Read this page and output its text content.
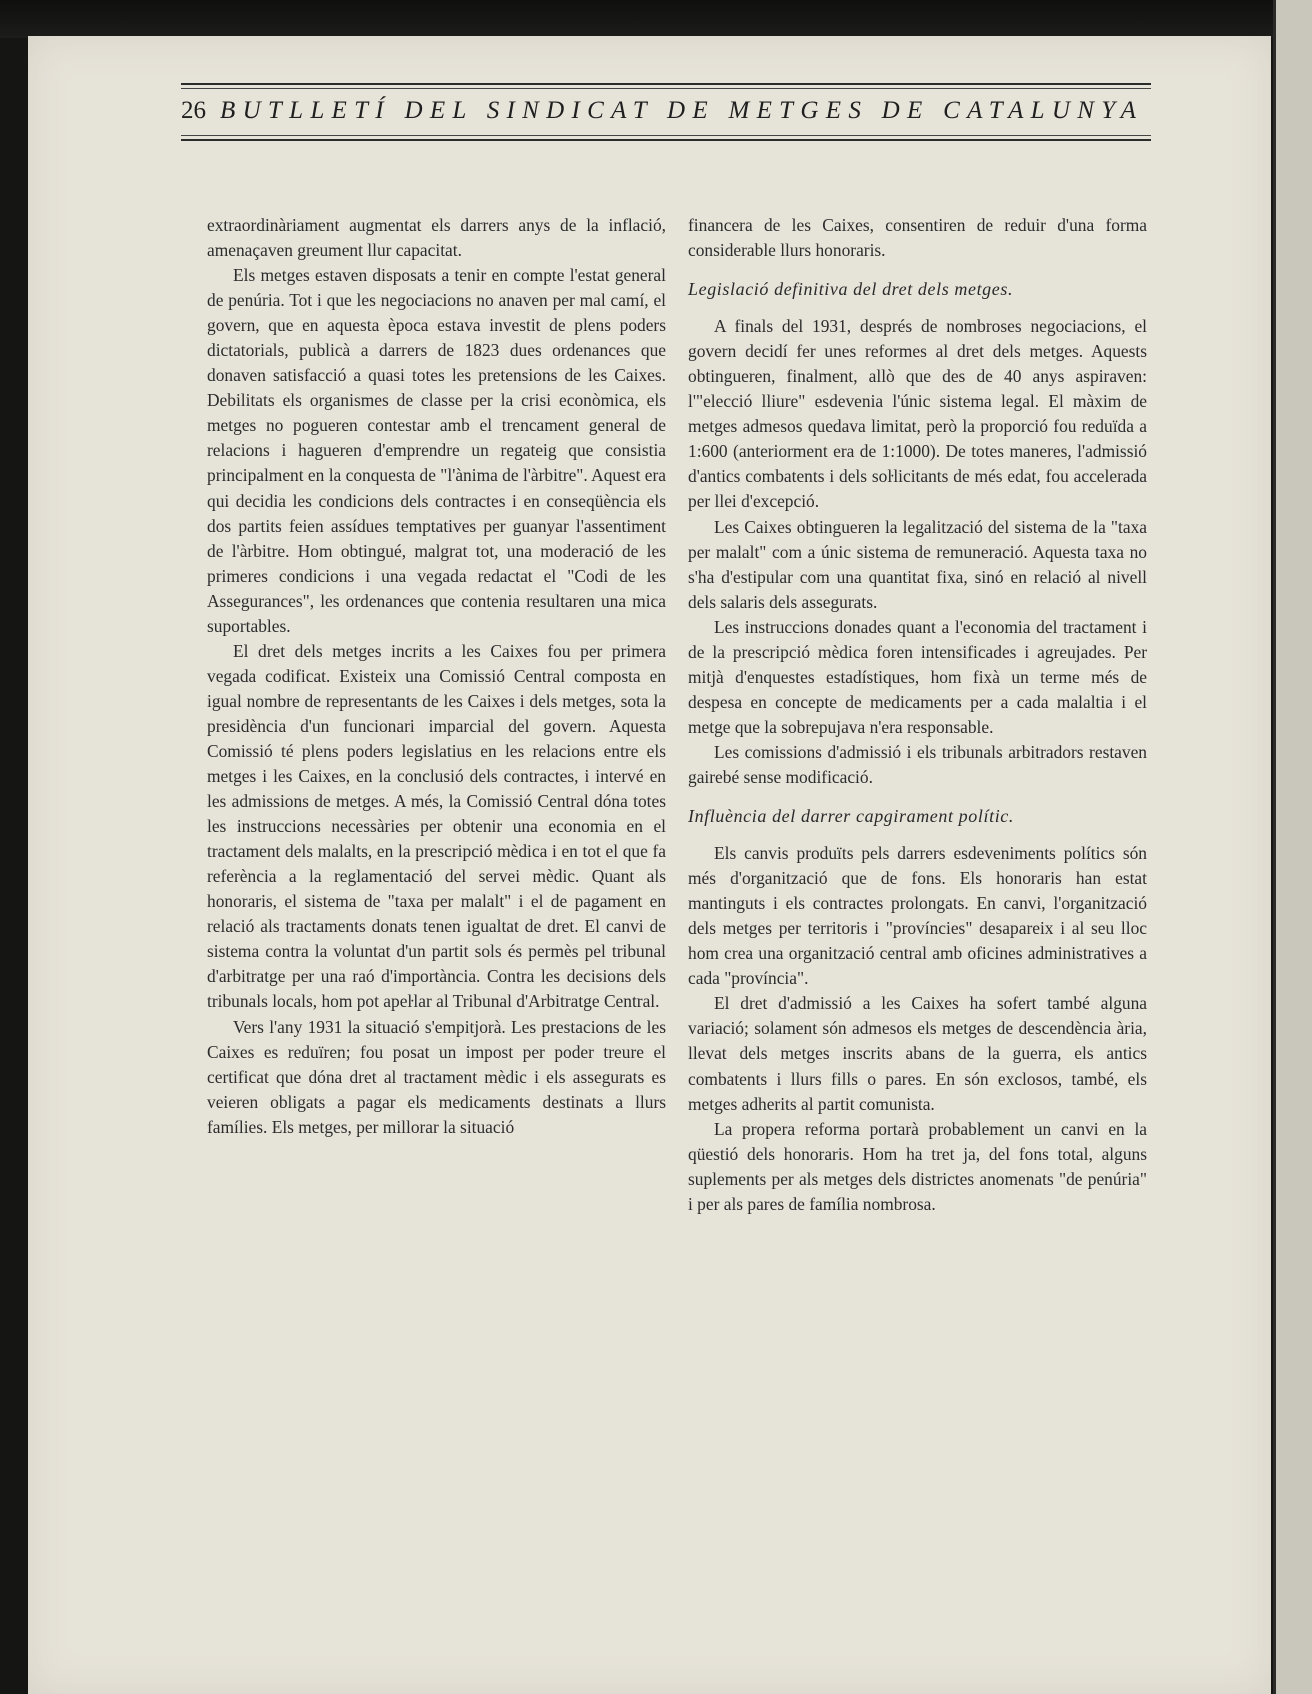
26 BUTLLETÍ DEL SINDICAT DE METGES DE CATALUNYA

extraordinàriament augmentat els darrers anys de la inflació, amenaçaven greument llur capacitat.

Els metges estaven disposats a tenir en compte l'estat general de penúria. Tot i que les negociacions no anaven per mal camí, el govern, que en aquesta època estava investit de plens poders dictatorials, publicà a darrers de 1823 dues ordenances que donaven satisfacció a quasi totes les pretensions de les Caixes. Debilitats els organismes de classe per la crisi econòmica, els metges no pogueren contestar amb el trencament general de relacions i hagueren d'emprendre un regateig que consistia principalment en la conquesta de "l'ànima de l'àrbitre". Aquest era qui decidia les condicions dels contractes i en conseqüència els dos partits feien assídues temptatives per guanyar l'assentiment de l'àrbitre. Hom obtingué, malgrat tot, una moderació de les primeres condicions i una vegada redactat el "Codi de les Assegurances", les ordenances que contenia resultaren una mica suportables.

El dret dels metges incrits a les Caixes fou per primera vegada codificat. Existeix una Comissió Central composta en igual nombre de representants de les Caixes i dels metges, sota la presidència d'un funcionari imparcial del govern. Aquesta Comissió té plens poders legislatius en les relacions entre els metges i les Caixes, en la conclusió dels contractes, i intervé en les admissions de metges. A més, la Comissió Central dóna totes les instruccions necessàries per obtenir una economia en el tractament dels malalts, en la prescripció mèdica i en tot el que fa referència a la reglamentació del servei mèdic. Quant als honoraris, el sistema de "taxa per malalt" i el de pagament en relació als tractaments donats tenen igualtat de dret. El canvi de sistema contra la voluntat d'un partit sols és permès pel tribunal d'arbitratge per una raó d'importància. Contra les decisions dels tribunals locals, hom pot apeŀlar al Tribunal d'Arbitratge Central.

Vers l'any 1931 la situació s'empitjorà. Les prestacions de les Caixes es reduïren; fou posat un impost per poder treure el certificat que dóna dret al tractament mèdic i els assegurats es veieren obligats a pagar els medicaments destinats a llurs famílies. Els metges, per millorar la situació

financera de les Caixes, consentiren de reduir d'una forma considerable llurs honoraris.

Legislació definitiva del dret dels metges.

A finals del 1931, després de nombroses negociacions, el govern decidí fer unes reformes al dret dels metges. Aquests obtingueren, finalment, allò que des de 40 anys aspiraven: l'"elecció lliure" esdevenia l'únic sistema legal. El màxim de metges admesos quedava limitat, però la proporció fou reduïda a 1:600 (anteriorment era de 1:1000). De totes maneres, l'admissió d'antics combatents i dels soŀlicitants de més edat, fou accelerada per llei d'excepció.

Les Caixes obtingueren la legalització del sistema de la "taxa per malalt" com a únic sistema de remuneració. Aquesta taxa no s'ha d'estipular com una quantitat fixa, sinó en relació al nivell dels salaris dels assegurats.

Les instruccions donades quant a l'economia del tractament i de la prescripció mèdica foren intensificades i agreujades. Per mitjà d'enquestes estadístiques, hom fixà un terme més de despesa en concepte de medicaments per a cada malaltia i el metge que la sobrepujava n'era responsable.

Les comissions d'admissió i els tribunals arbitradors restaven gairebé sense modificació.

Influència del darrer capgirament polític.

Els canvis produïts pels darrers esdeveniments polítics són més d'organització que de fons. Els honoraris han estat mantinguts i els contractes prolongats. En canvi, l'organització dels metges per territoris i "províncies" desapareix i al seu lloc hom crea una organització central amb oficines administratives a cada "província".

El dret d'admissió a les Caixes ha sofert també alguna variació; solament són admesos els metges de descendència ària, llevat dels metges inscrits abans de la guerra, els antics combatents i llurs fills o pares. En són exclosos, també, els metges adherits al partit comunista.

La propera reforma portarà probablement un canvi en la qüestió dels honoraris. Hom ha tret ja, del fons total, alguns suplements per als metges dels districtes anomenats "de penúria" i per als pares de família nombrosa.
